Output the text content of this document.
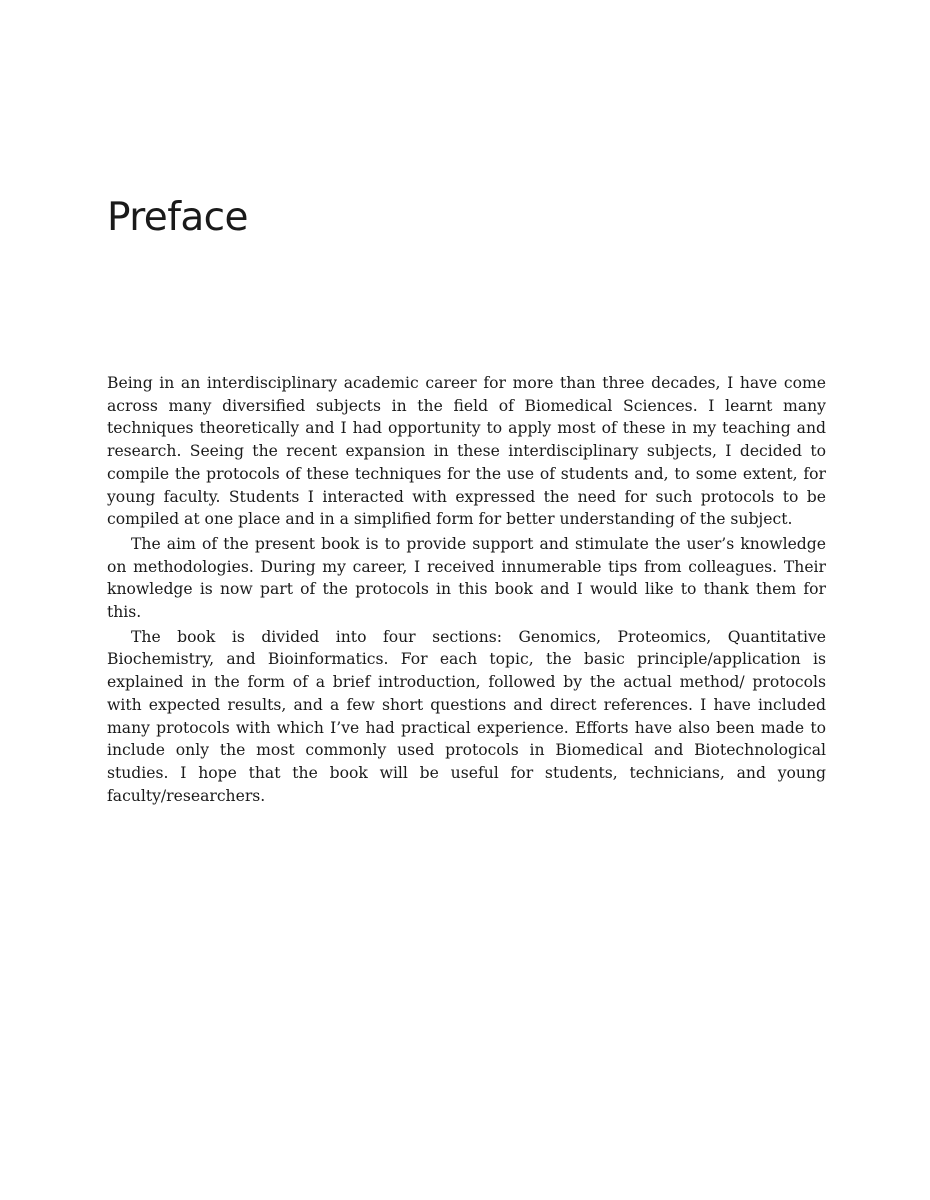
Preface

Being in an interdisciplinary academic career for more than three decades, I have come across many diversified subjects in the field of Biomedical Sciences. I learnt many techniques theoretically and I had opportunity to apply most of these in my teaching and research. Seeing the recent expansion in these interdisciplinary subjects, I decided to compile the protocols of these techniques for the use of students and, to some extent, for young faculty. Students I interacted with expressed the need for such protocols to be compiled at one place and in a simplified form for better understanding of the subject.

The aim of the present book is to provide support and stimulate the user’s knowledge on methodologies. During my career, I received innumerable tips from colleagues. Their knowledge is now part of the protocols in this book and I would like to thank them for this.

The book is divided into four sections: Genomics, Proteomics, Quantitative Biochemistry, and Bioinformatics. For each topic, the basic principle/application is explained in the form of a brief introduction, followed by the actual method/ protocols with expected results, and a few short questions and direct references. I have included many protocols with which I’ve had practical experience. Efforts have also been made to include only the most commonly used protocols in Biomedical and Biotechnological studies. I hope that the book will be useful for students, technicians, and young faculty/researchers.
